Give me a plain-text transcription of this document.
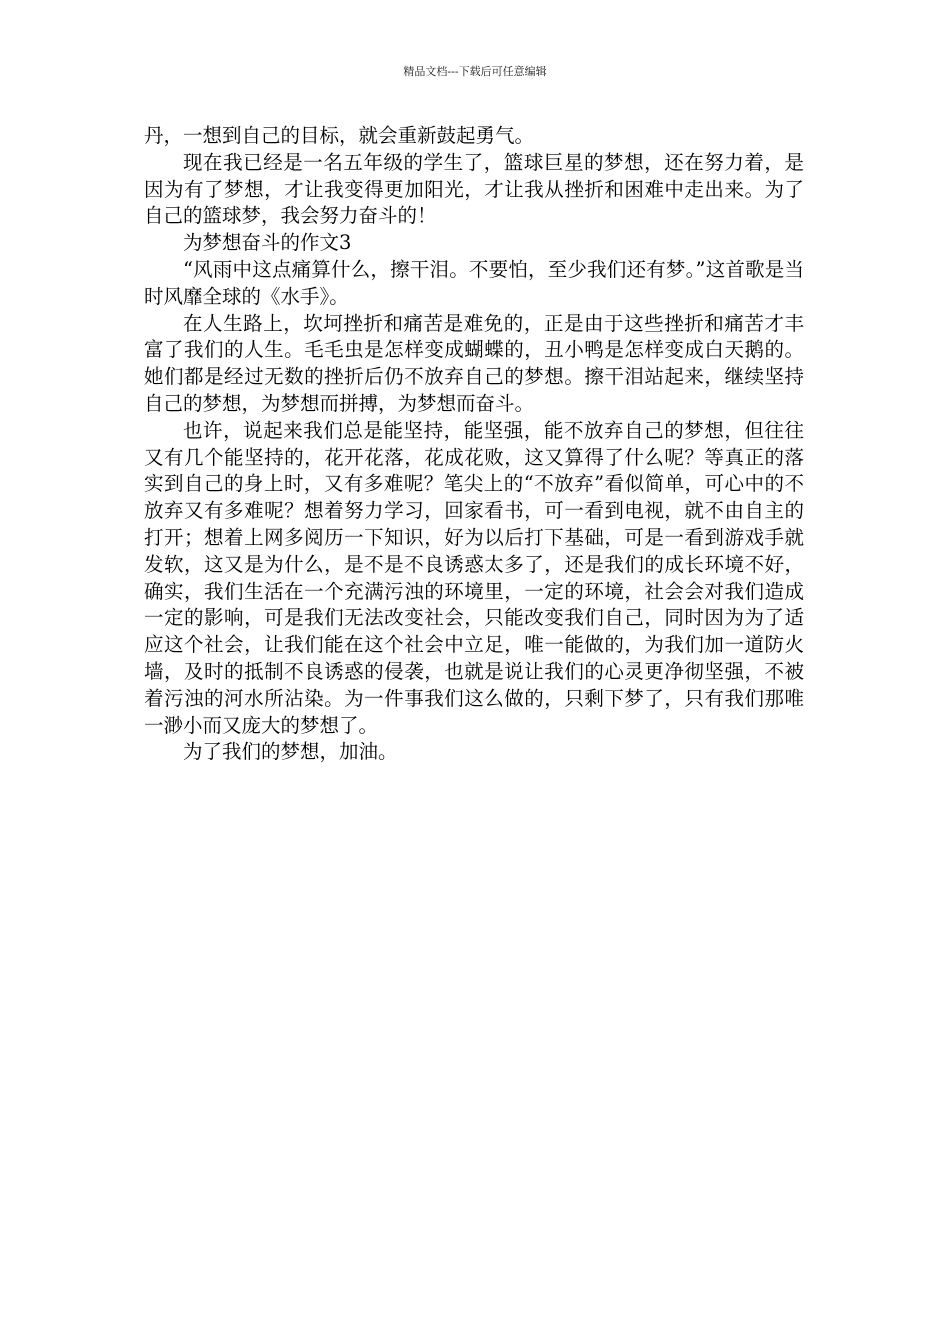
精品文档---下载后可任意编辑

丹，一想到自己的目标，就会重新鼓起勇气。

现在我已经是一名五年级的学生了，篮球巨星的梦想，还在努力着，是因为有了梦想，才让我变得更加阳光，才让我从挫折和困难中走出来。为了自己的篮球梦，我会努力奋斗的！

为梦想奋斗的作文3

“风雨中这点痛算什么，擦干泪。不要怕，至少我们还有梦。”这首歌是当时风靡全球的《水手》。

在人生路上，坎坷挫折和痛苦是难免的，正是由于这些挫折和痛苦才丰富了我们的人生。毛毛虫是怎样变成蝴蝶的，丑小鸭是怎样变成白天鹅的。她们都是经过无数的挫折后仍不放弃自己的梦想。擦干泪站起来，继续坚持自己的梦想，为梦想而拼搏，为梦想而奋斗。

也许，说起来我们总是能坚持，能坚强，能不放弃自己的梦想，但往往又有几个能坚持的，花开花落，花成花败，这又算得了什么呢？等真正的落实到自己的身上时，又有多难呢？笔尖上的“不放弃”看似简单，可心中的不放弃又有多难呢？想着努力学习，回家看书，可一看到电视，就不由自主的打开；想着上网多阅历一下知识，好为以后打下基础，可是一看到游戏手就发软，这又是为什么，是不是不良诱惑太多了，还是我们的成长环境不好，确实，我们生活在一个充满污浊的环境里，一定的环境，社会会对我们造成一定的影响，可是我们无法改变社会，只能改变我们自己，同时因为为了适应这个社会，让我们能在这个社会中立足，唯一能做的，为我们加一道防火墙，及时的抵制不良诱惑的侵袭，也就是说让我们的心灵更净彻坚强，不被着污浊的河水所沾染。为一件事我们这么做的，只剩下梦了，只有我们那唯一渺小而又庞大的梦想了。

为了我们的梦想，加油。
